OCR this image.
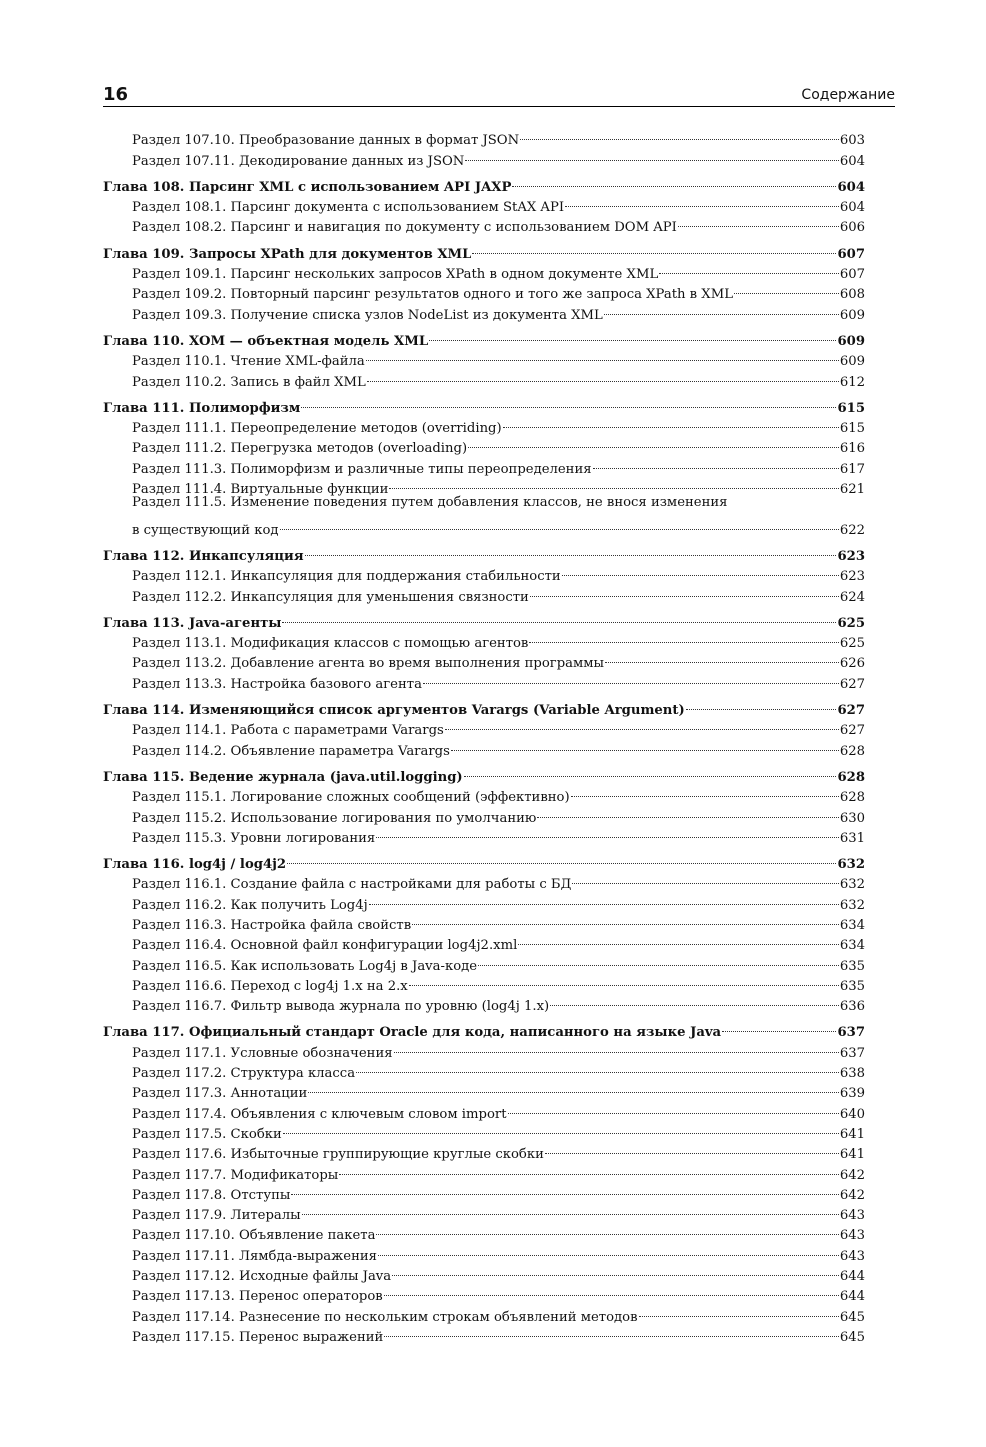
16	Содержание
Раздел 107.10. Преобразование данных в формат JSON	603
Раздел 107.11. Декодирование данных из JSON	604
Глава 108. Парсинг XML с использованием API JAXP	604
Раздел 108.1. Парсинг документа с использованием StAX API	604
Раздел 108.2. Парсинг и навигация по документу с использованием DOM API	606
Глава 109. Запросы XPath для документов XML	607
Раздел 109.1. Парсинг нескольких запросов XPath в одном документе XML	607
Раздел 109.2. Повторный парсинг результатов одного и того же запроса XPath в XML	608
Раздел 109.3. Получение списка узлов NodeList из документа XML	609
Глава 110. XOM — объектная модель XML	609
Раздел 110.1. Чтение XML-файла	609
Раздел 110.2. Запись в файл XML	612
Глава 111. Полиморфизм	615
Раздел 111.1. Переопределение методов (overriding)	615
Раздел 111.2. Перегрузка методов (overloading)	616
Раздел 111.3. Полиморфизм и различные типы переопределения	617
Раздел 111.4. Виртуальные функции	621
Раздел 111.5. Изменение поведения путем добавления классов, не внося изменения
в существующий код	622
Глава 112. Инкапсуляция	623
Раздел 112.1. Инкапсуляция для поддержания стабильности	623
Раздел 112.2. Инкапсуляция для уменьшения связности	624
Глава 113. Java-агенты	625
Раздел 113.1. Модификация классов с помощью агентов	625
Раздел 113.2. Добавление агента во время выполнения программы	626
Раздел 113.3. Настройка базового агента	627
Глава 114. Изменяющийся список аргументов Varargs (Variable Argument)	627
Раздел 114.1. Работа с параметрами Varargs	627
Раздел 114.2. Объявление параметра Varargs	628
Глава 115. Ведение журнала (java.util.logging)	628
Раздел 115.1. Логирование сложных сообщений (эффективно)	628
Раздел 115.2. Использование логирования по умолчанию	630
Раздел 115.3. Уровни логирования	631
Глава 116. log4j / log4j2	632
Раздел 116.1. Создание файла с настройками для работы с БД	632
Раздел 116.2. Как получить Log4j	632
Раздел 116.3. Настройка файла свойств	634
Раздел 116.4. Основной файл конфигурации log4j2.xml	634
Раздел 116.5. Как использовать Log4j в Java-коде	635
Раздел 116.6. Переход с log4j 1.x на 2.x	635
Раздел 116.7. Фильтр вывода журнала по уровню (log4j 1.x)	636
Глава 117. Официальный стандарт Oracle для кода, написанного на языке Java	637
Раздел 117.1. Условные обозначения	637
Раздел 117.2. Структура класса	638
Раздел 117.3. Аннотации	639
Раздел 117.4. Объявления с ключевым словом import	640
Раздел 117.5. Скобки	641
Раздел 117.6. Избыточные группирующие круглые скобки	641
Раздел 117.7. Модификаторы	642
Раздел 117.8. Отступы	642
Раздел 117.9. Литералы	643
Раздел 117.10. Объявление пакета	643
Раздел 117.11. Лямбда-выражения	643
Раздел 117.12. Исходные файлы Java	644
Раздел 117.13. Перенос операторов	644
Раздел 117.14. Разнесение по нескольким строкам объявлений методов	645
Раздел 117.15. Перенос выражений	645
